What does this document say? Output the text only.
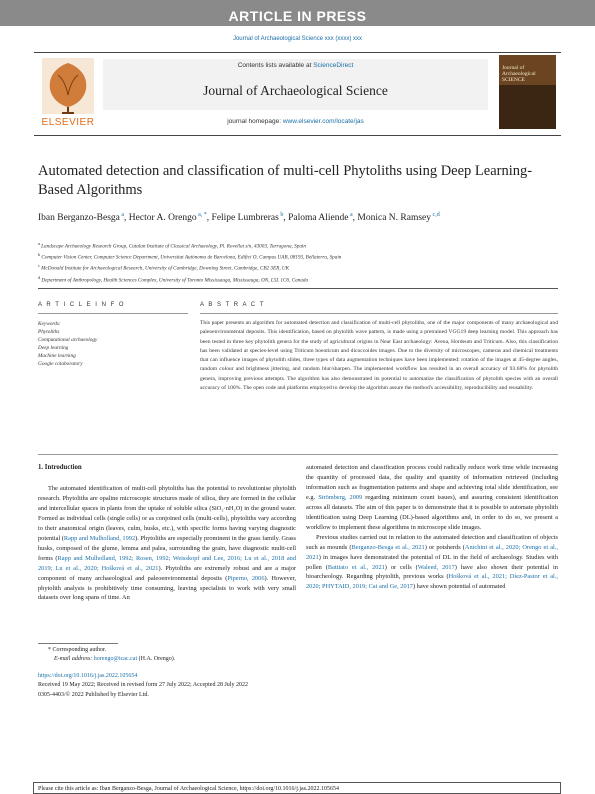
ARTICLE IN PRESS
Journal of Archaeological Science xxx (xxxx) xxx
ELSEVIER
Contents lists available at ScienceDirect
Journal of Archaeological Science
journal homepage: www.elsevier.com/locate/jas
Journal of Archaeological SCIENCE
Automated detection and classification of multi-cell Phytoliths using Deep Learning-Based Algorithms
Iban Berganzo-Besga $^a$, Hector A. Orengo $^{a, *}$, Felipe Lumbreras $^b$, Paloma Aliende $^a$, Monica N. Ramsey $^{c,d}$
a Landscape Archaeology Research Group, Catalan Institute of Classical Archaeology, Pl. Rovellat s/n, 43003, Tarragona, Spain
b Computer Vision Center, Computer Science Department, Universitat Autònoma de Barcelona, Edifici O, Campus UAB, 08193, Bellaterra, Spain
c McDonald Institute for Archaeological Research, University of Cambridge, Downing Street, Cambridge, CB2 3ER, UK
d Department of Anthropology, Health Sciences Complex, University of Toronto Mississauga, Mississauga, ON, L5L 1C6, Canada
A R T I C L E I N F O	A B S T R A C T
Keywords:
Phytoliths
Computational archaeology
Deep learning
Machine learning
Google colaboratory
This paper presents an algorithm for automated detection and classification of multi-cell phytoliths, one of the major components of many archaeological and paleoenvironmental deposits. This identification, based on phytolith wave pattern, is made using a pretrained VGG19 deep learning model. This approach has been tested in three key phytolith genera for the study of agricultural origins in Near East archaeology: Avena, Hordeum and Triticum. Also, this classification has been validated at species-level using Triticum boeoticum and dicoccoides images. Due to the diversity of microscopes, cameras and chemical treatments that can influence images of phytolith slides, three types of data augmentation techniques have been implemented: rotation of the images at 45-degree angles, random colour and brightness jittering, and random blur/sharpen. The implemented workflow has resulted in an overall accuracy of 93.68% for phytolith genera, improving previous attempts. The algorithm has also demonstrated its potential to automatize the classification of phytolith species with an overall accuracy of 100%. The open code and platforms employed to develop the algorithm assure the method's accessibility, reproducibility and reusability.
1. Introduction
The automated identification of multi-cell phytoliths has the potential to revolutionise phytolith research. Phytoliths are opaline microscopic structures made of silica, they are formed in the cellular and intercellular spaces in plants from the uptake of soluble silica (SiO₂·nH₂O) in the ground water. Formed as individual cells (single cells) or as conjoined cells (multi-cells), phytoliths vary according to their anatomical origin (leaves, culm, husks, etc.), with specific forms having varying diagnostic potential (Rapp and Mulholland, 1992). Phytoliths are especially prominent in the grass family. Grass husks, composed of the glume, lemma and palea, surrounding the grain, have diagnostic multi-cell forms (Rapp and Mulholland, 1992; Rosen, 1992; Weisskopf and Lee, 2016; Lu et al., 2018 and 2019; Lu et al., 2020; Hošková et al., 2021). Phytoliths are extremely robust and are a major component of many archaeological and paleoenvironmental deposits (Piperno, 2006). However, phytolith analysis is prohibitively time consuming, leaving specialists to work with very small datasets over long spans of time. An
automated detection and classification process could radically reduce work time while increasing the quantity of processed data, the quality and quantity of information retrieved (including information such as fragmentation patterns and shape and achieving total slide identification, see e.g. Strömberg, 2009 regarding minimum count issues), and assuring consistent identification across all datasets. The aim of this paper is to demonstrate that it is possible to automate phytolith identification using Deep Learning (DL)-based algorithms and, in order to do so, we present a workflow to implement these algorithms in microscope slide images.
Previous studies carried out in relation to the automated detection and classification of objects such as mounds (Berganzo-Besga et al., 2021) or potsherds (Anichini et al., 2020; Orengo et al., 2021) in images have demonstrated the potential of DL in the field of archaeology. Studies with pollen (Battiato et al., 2021) or cells (Waleed, 2017) have also shown their potential in bioarcheology. Regarding phytolith, previous works (Hošková et al., 2021; Díez-Pastor et al., 2020; PHYTAID, 2019; Cai and Ge, 2017) have shown potential of automated
* Corresponding author.
E-mail address: horengo@icac.cat (H.A. Orengo).
https://doi.org/10.1016/j.jas.2022.105654
Received 19 May 2022; Received in revised form 27 July 2022; Accepted 28 July 2022
0305-4403/© 2022 Published by Elsevier Ltd.
Please cite this article as: Iban Berganzo-Besga, Journal of Archaeological Science, https://doi.org/10.1016/j.jas.2022.105654
